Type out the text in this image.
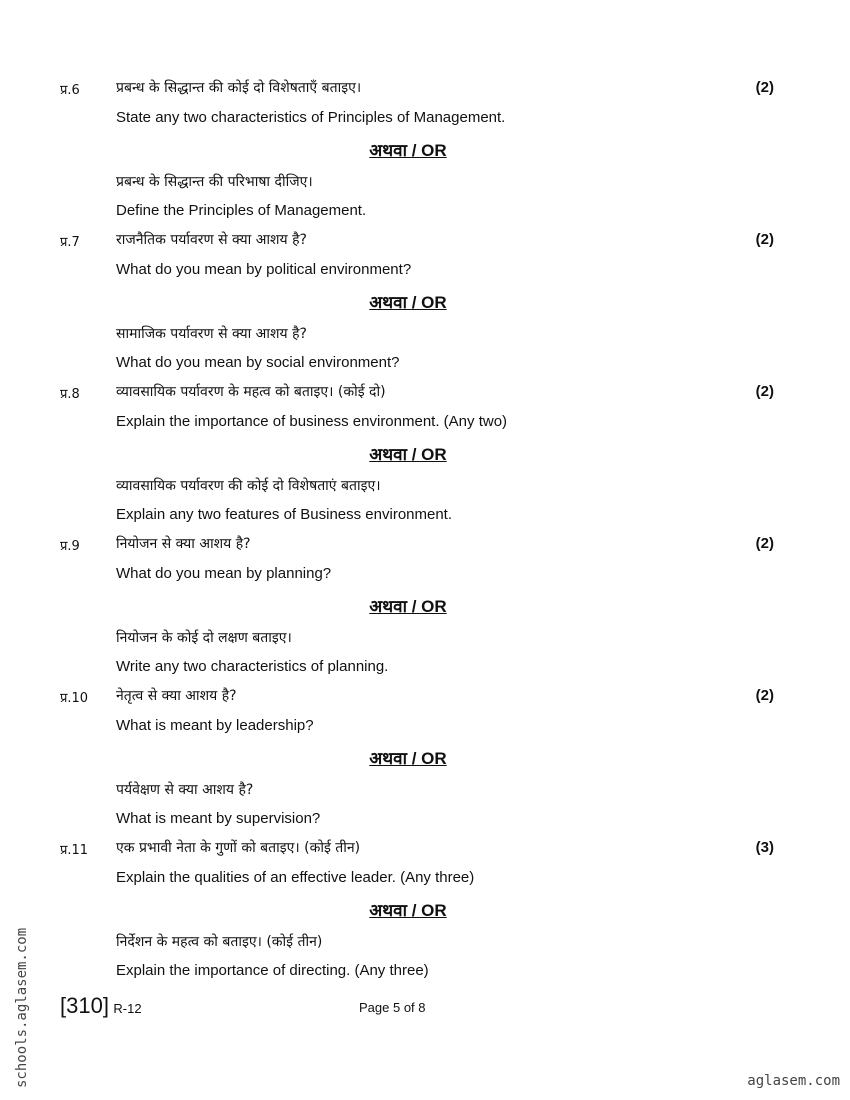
प्र.6	प्रबन्ध के सिद्धान्त की कोई दो विशेषताएँ बताइए।	(2)
State any two characteristics of Principles of Management.
अथवा / OR
प्रबन्ध के सिद्धान्त की परिभाषा दीजिए।
Define the Principles of Management.
प्र.7	राजनैतिक पर्यावरण से क्या आशय है?	(2)
What do you mean by political environment?
अथवा / OR
सामाजिक पर्यावरण से क्या आशय है?
What do you mean by social environment?
प्र.8	व्यावसायिक पर्यावरण के महत्व को बताइए। (कोई दो)	(2)
Explain the importance of business environment. (Any two)
अथवा / OR
व्यावसायिक पर्यावरण की कोई दो विशेषताएं बताइए।
Explain any two features of Business environment.
प्र.9	नियोजन से क्या आशय है?	(2)
What do you mean by planning?
अथवा / OR
नियोजन के कोई दो लक्षण बताइए।
Write any two characteristics of planning.
प्र.10 नेतृत्व से क्या आशय है?	(2)
What is meant by leadership?
अथवा / OR
पर्यवेक्षण से क्या आशय है?
What is meant by supervision?
प्र.11 एक प्रभावी नेता के गुणों को बताइए। (कोई तीन)	(3)
Explain the qualities of an effective leader. (Any three)
अथवा / OR
निर्देशन के महत्व को बताइए। (कोई तीन)
Explain the importance of directing. (Any three)
[310] R-12	Page 5 of 8
schools.aglasem.com	aglasem.com
